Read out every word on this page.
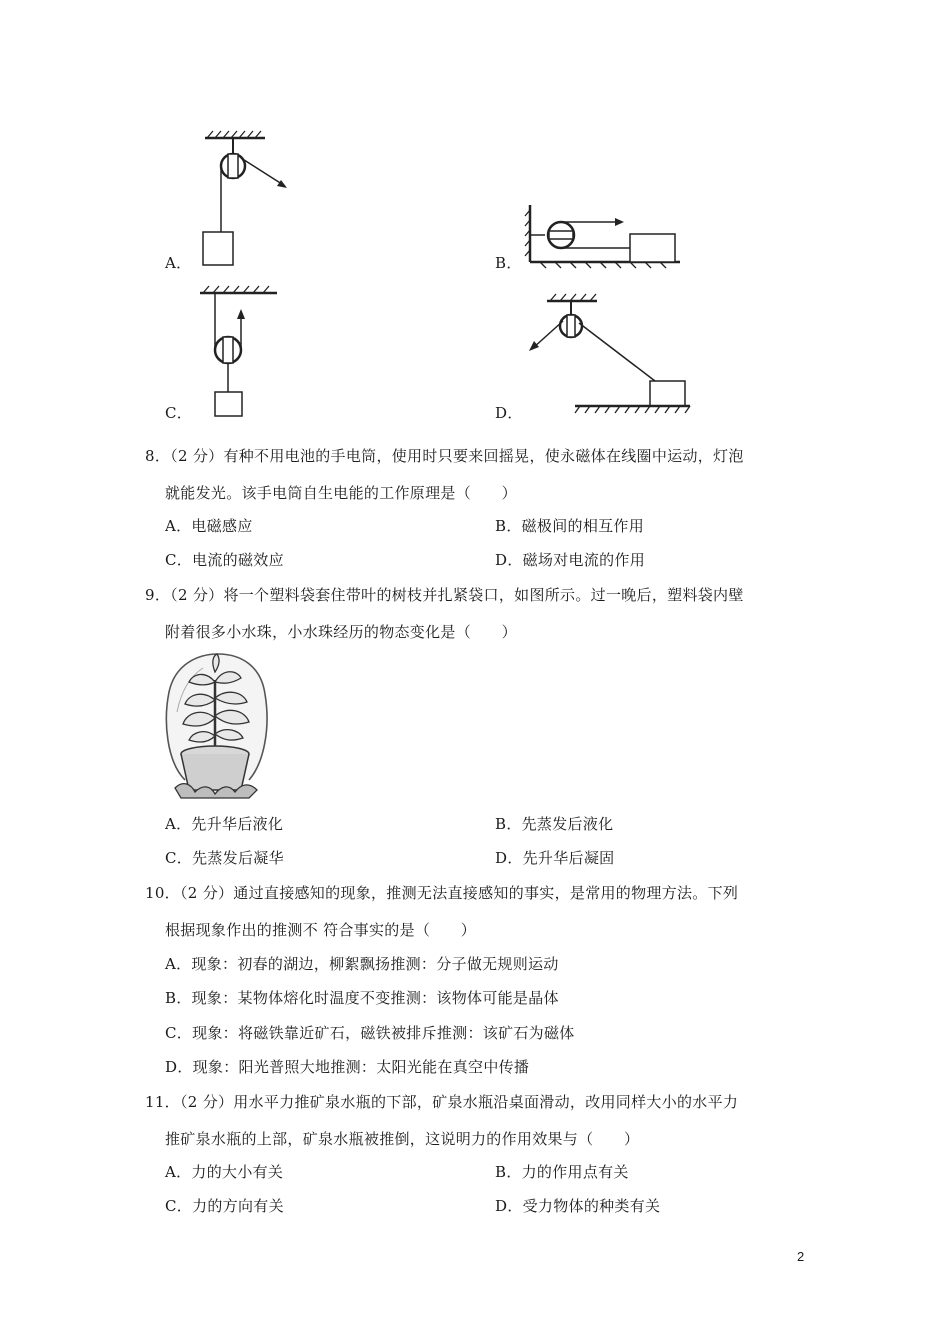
A．	B．
C．	D．
8．（2 分）有种不用电池的手电筒，使用时只要来回摇晃，使永磁体在线圈中运动，灯泡
就能发光。该手电筒自生电能的工作原理是（　　）
A．电磁感应	B．磁极间的相互作用
C．电流的磁效应	D．磁场对电流的作用
9．（2 分）将一个塑料袋套住带叶的树枝并扎紧袋口，如图所示。过一晚后，塑料袋内壁
附着很多小水珠，小水珠经历的物态变化是（　　）
A．先升华后液化	B．先蒸发后液化
C．先蒸发后凝华	D．先升华后凝固
10．（2 分）通过直接感知的现象，推测无法直接感知的事实，是常用的物理方法。下列
根据现象作出的推测不 符合事实的是（　　）
A．现象：初春的湖边，柳絮飘扬推测：分子做无规则运动
B．现象：某物体熔化时温度不变推测：该物体可能是晶体
C．现象：将磁铁靠近矿石，磁铁被排斥推测：该矿石为磁体
D．现象：阳光普照大地推测：太阳光能在真空中传播
11．（2 分）用水平力推矿泉水瓶的下部，矿泉水瓶沿桌面滑动，改用同样大小的水平力
推矿泉水瓶的上部，矿泉水瓶被推倒，这说明力的作用效果与（　　）
A．力的大小有关	B．力的作用点有关
C．力的方向有关	D．受力物体的种类有关
2
